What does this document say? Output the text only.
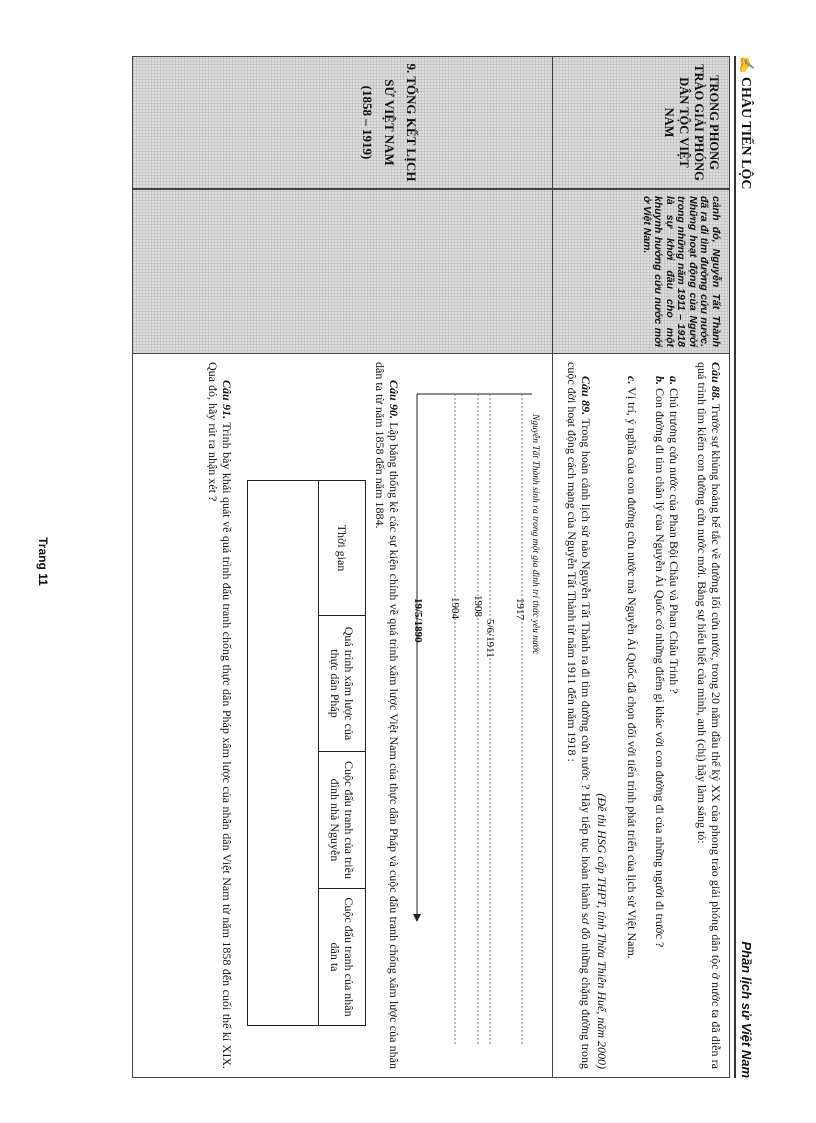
✍ CHÂU TIẾN LỘC
Phần lịch sử Việt Nam
TRONG PHONG TRÀO GIẢI PHÓNG DÂN TỘC VIỆT NAM
cảnh đó, Nguyễn Tất Thành đã ra đi tìm đường cứu nước. Những hoạt động của Người trong những năm 1911 – 1918 là sự khởi đầu cho một khuynh hướng cứu nước mới ở Việt Nam.
Câu 88. Trước sự khủng hoảng bế tắc về đường lối cứu nước, trong 20 năm đầu thế kỷ XX của phong trào giải phóng dân tộc ở nước ta đã diễn ra quá trình tìm kiếm con đường cứu nước mới. Bằng sự hiểu biết của mình, anh (chị) hãy làm sáng tỏ:
a. Chủ trương cứu nước của Phan Bội Châu và Phan Châu Trinh ?
b. Con đường đi tìm chân lý của Nguyễn Ái Quốc có những điểm gì khác với con đường đi của những người đi trước ?
c. Vị trí, ý nghĩa của con đường cứu nước mà Nguyễn Ái Quốc đã chọn đối với tiến trình phát triển của lịch sử Việt Nam.
(Đề thi HSG cấp THPT, tỉnh Thừa Thiên Huế, năm 2000)
Câu 89. Trong hoàn cảnh lịch sử nào Nguyễn Tất Thành ra đi tìm đường cứu nước ? Hãy tiếp tục hoàn thành sơ đồ những chặng đường trong cuộc đời hoạt động cách mạng của Nguyễn Tất Thành từ năm 1911 đến năm 1918 :
9. TỔNG KẾT LỊCH SỬ VIỆT NAM
(1858 – 1919)
1917
5/6/1911
1908
1904
19/5/1890	Nguyễn Tất Thành sinh ra trong một gia đình trí thức yêu nước
Câu 90. Lập bảng thống kê các sự kiện chính về quá trình xâm lược Việt Nam của thực dân Pháp và cuộc đấu tranh chống xâm lược của nhân dân ta từ năm 1858 đến năm 1884.
Thời gian
Quá trình xâm lược của thực dân Pháp
Cuộc đấu tranh của triều đình nhà Nguyễn
Cuộc đấu tranh của nhân dân ta
Câu 91. Trình bày khái quát về quá trình đấu tranh chống thực dân Pháp xâm lược của nhân dân Việt Nam từ năm 1858 đến cuối thế kỉ XIX. Qua đó, hãy rút ra nhận xét ?
Trang 11
